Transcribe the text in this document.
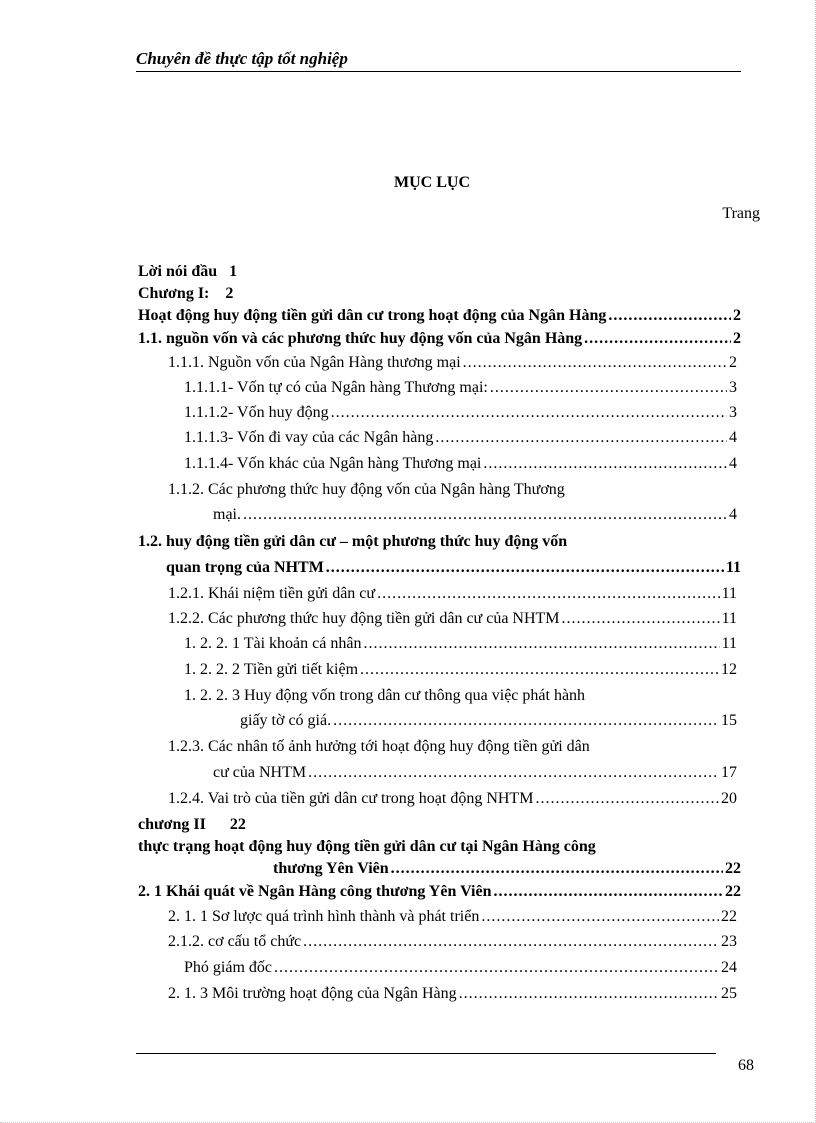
Chuyên đề thực tập tốt nghiệp
MỤC LỤC
Trang
Lời nói đầu 1
Chương I: 2
Hoạt động huy động tiền gửi dân cư trong hoạt động của Ngân Hàng .....	2
1.1. nguồn vốn và các phương thức huy động vốn của Ngân Hàng .....	2
1.1.1. Nguồn vốn của Ngân Hàng thương mại .....	2
1.1.1.1- Vốn tự có của Ngân hàng Thương mại: .....	3
1.1.1.2- Vốn huy động .....	3
1.1.1.3- Vốn đi vay của các Ngân hàng .....	4
1.1.1.4- Vốn khác của Ngân hàng Thương mại .....	4
1.1.2. Các phương thức huy động vốn của Ngân hàng Thương
mại. .....	4
1.2. huy động tiền gửi dân cư – một phương thức huy động vốn
quan trọng của NHTM .....	11
1.2.1. Khái niệm tiền gửi dân cư .....	11
1.2.2. Các phương thức huy động tiền gửi dân cư của NHTM .....	11
1. 2. 2. 1 Tài khoản cá nhân .....	11
1. 2. 2. 2 Tiền gửi tiết kiệm .....	12
1. 2. 2. 3 Huy động vốn trong dân cư thông qua việc phát hành
giấy tờ có giá. .....	15
1.2.3. Các nhân tố ảnh hưởng tới hoạt động huy động tiền gửi dân
cư của NHTM .....	17
1.2.4. Vai trò của tiền gửi dân cư trong hoạt động NHTM .....	20
chương II 22
thực trạng hoạt động huy động tiền gửi dân cư tại Ngân Hàng công
thương Yên Viên .....	22
2. 1 Khái quát về Ngân Hàng công thương Yên Viên .....	22
2. 1. 1 Sơ lược quá trình hình thành và phát triển .....	22
2.1.2. cơ cấu tổ chức .....	23
Phó giám đốc .....	24
2. 1. 3 Môi trường hoạt động của Ngân Hàng .....	25
68
